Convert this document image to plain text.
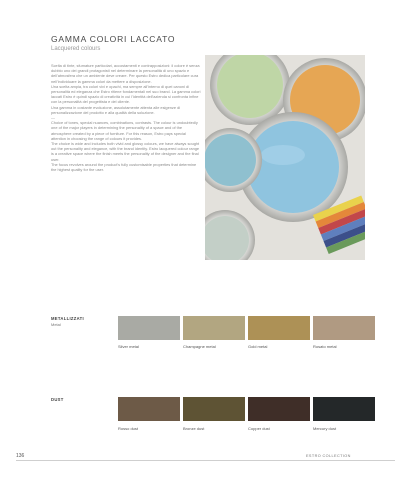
GAMMA COLORI LACCATO
Lacquered colours

Scelta di tinte, sfumature particolari, accostamenti e contrapposizioni: il colore è senza dubbio uno dei grandi protagonisti nel determinare la personalità di uno spazio e dell'atmosfera che un ambiente deve creare. Per questo Estro dedica particolare cura nell'individuare la gamma colori da mettere a disposizione.

Una scelta ampia, tra colori vivi e opachi, ma sempre all'interno di quei canoni di personalità ed eleganza che Estro ritiene fondamentali nel suo brand. La gamma colori laccati Estro è quindi spazio di creatività in cui l'identità dell'azienda si confronta infine con la personalità del progettista e del cliente.

Una gamma in costante evoluzione, assolutamente attenta alle esigenze di personalizzazione del prodotto e alla qualità della soluzione.

—

Choice of tones, special nuances, combinations, contrasts. The colour is undoubtedly one of the major players in determining the personality of a space and of the atmosphere created by a piece of furniture. For this reason, Estro pays special attention in choosing the range of colours it provides.

The choice is wide and includes both vivid and glossy colours, we have always sought out the personality and elegance, with the brand identity. Estro lacquered colour range is a creative space where the finish meets the personality of the designer and the final user.

The focus revolves around the product's fully customisable properties that determine the highest quality for the user.

METALLIZZATI
Metal
Silver metal	Champagne metal	Gold metal	Rosato metal
DUST
Rosso dust	Bronze dust	Copper dust	Mercury dust
136	ESTRO COLLECTION
